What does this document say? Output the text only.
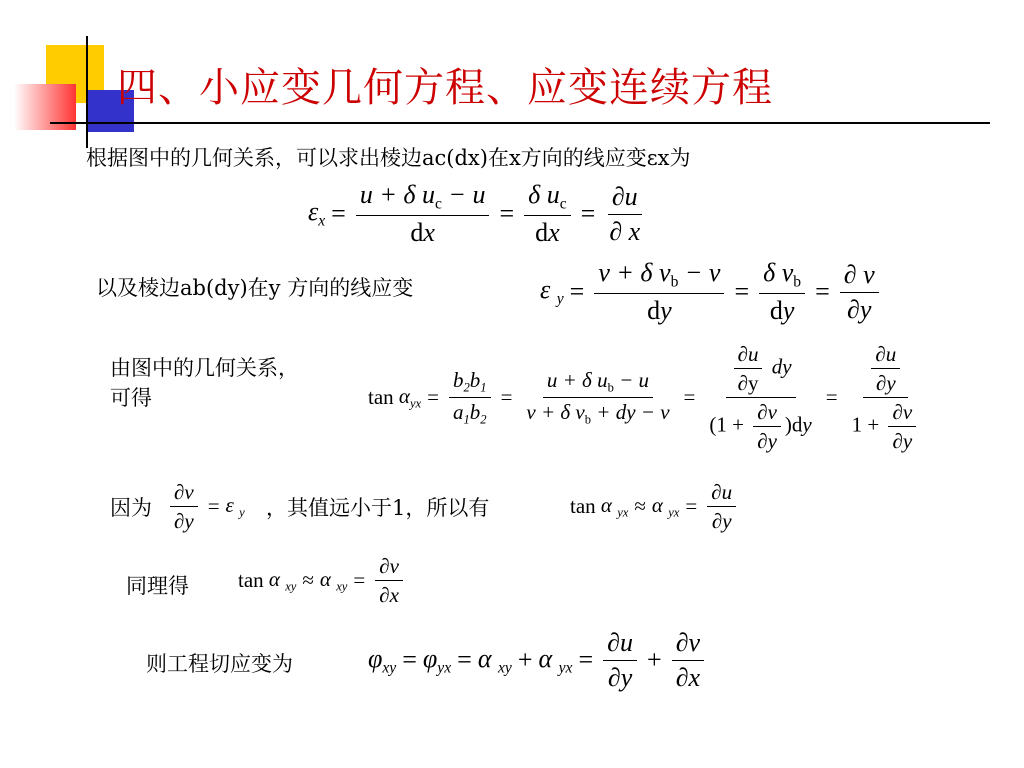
四、小应变几何方程、应变连续方程
根据图中的几何关系，可以求出棱边ac(dx)在x方向的线应变εx为
$\varepsilon_x = \frac{u + \delta u_c - u}{dx} = \frac{\delta u_c}{dx} = \frac{\partial u}{\partial x}$
以及棱边ab(dy)在y 方向的线应变	ε $_y = \frac{v + \delta v_b - v}{dy} = \frac{\delta v_b}{dy} = \frac{\partial v}{\partial y}$
由图中的几何关系，
可得	tan
$\alpha_{yx} = \frac{b_2b_1}{a_1b_2} = \frac{u + \delta u_b - u}{v + \delta v_b + dy - v} = \frac{\frac{\partial u}{\partial y} dy}{(1 + \frac{\partial v}{\partial y} )dy} = \frac{\frac{\partial u}{\partial y}}{1 + \frac{\partial v}{\partial y}}$
因为 $\frac{\partial v}{\partial y} = \varepsilon$ $_y$ ，其值远小于1，所以有	tan
α $_{yx}$ ≈ α $_{yx} = \frac{\partial u}{\partial y}$
同理得 tan
α $_{xy}$ ≈ α $_{xy} = \frac{\partial v}{\partial x}$
则工程切应变为	$\varphi_{xy} = \varphi_{yx} = \alpha$ $_{xy}$ + α $_{yx} = \frac{\partial u}{\partial y} + \frac{\partial v}{\partial x}$
